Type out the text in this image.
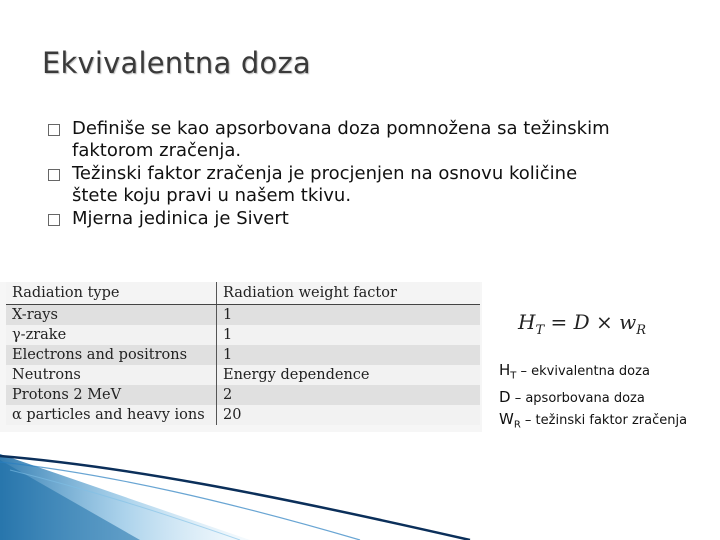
Ekvivalentna doza
Definiše se kao apsorbovana doza pomnožena sa težinskim
faktorom zračenja.
Težinski faktor zračenja je procjenjen na osnovu količine
štete koju pravi u našem tkivu.
Mjerna jedinica je Sivert
Radiation type	Radiation weight factor
X-rays	1
γ-zrake	1
Electrons and positrons	1
Neutrons	Energy dependence
Protons 2 MeV	2
α particles and heavy ions	20
$H_T = D \times w_R$
$H_T$ – ekvivalentna doza
D – apsorbovana doza
$W_R$ – težinski faktor zračenja
